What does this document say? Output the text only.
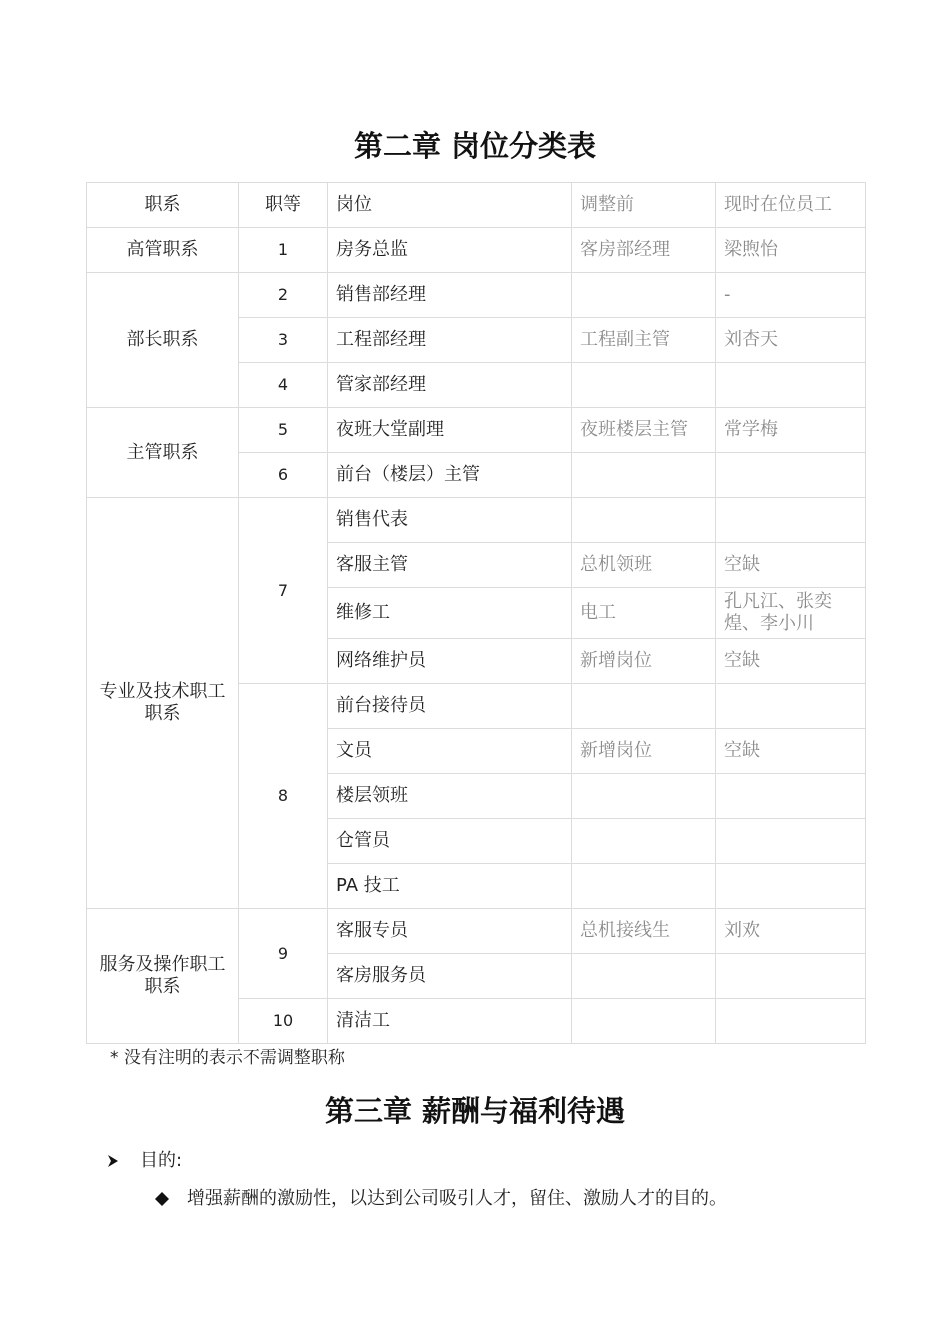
第二章 岗位分类表
职系	职等	岗位	调整前	现时在位员工
高管职系	1	房务总监	客房部经理	梁煦怡
部长职系	2	销售部经理		-
	3	工程部经理	工程副主管	刘杏天
	4	管家部经理		
主管职系	5	夜班大堂副理	夜班楼层主管	常学梅
	6	前台（楼层）主管		
专业及技术职工职系	7	销售代表		
		客服主管	总机领班	空缺
		维修工	电工	孔凡江、张奕煌、李小川
		网络维护员	新增岗位	空缺
	8	前台接待员		
		文员	新增岗位	空缺
		楼层领班		
		仓管员		
		PA 技工		
服务及操作职工职系	9	客服专员	总机接线生	刘欢
		客房服务员		
	10	清洁工		
* 没有注明的表示不需调整职称
第三章 薪酬与福利待遇
目的:
增强薪酬的激励性，以达到公司吸引人才，留住、激励人才的目的。
